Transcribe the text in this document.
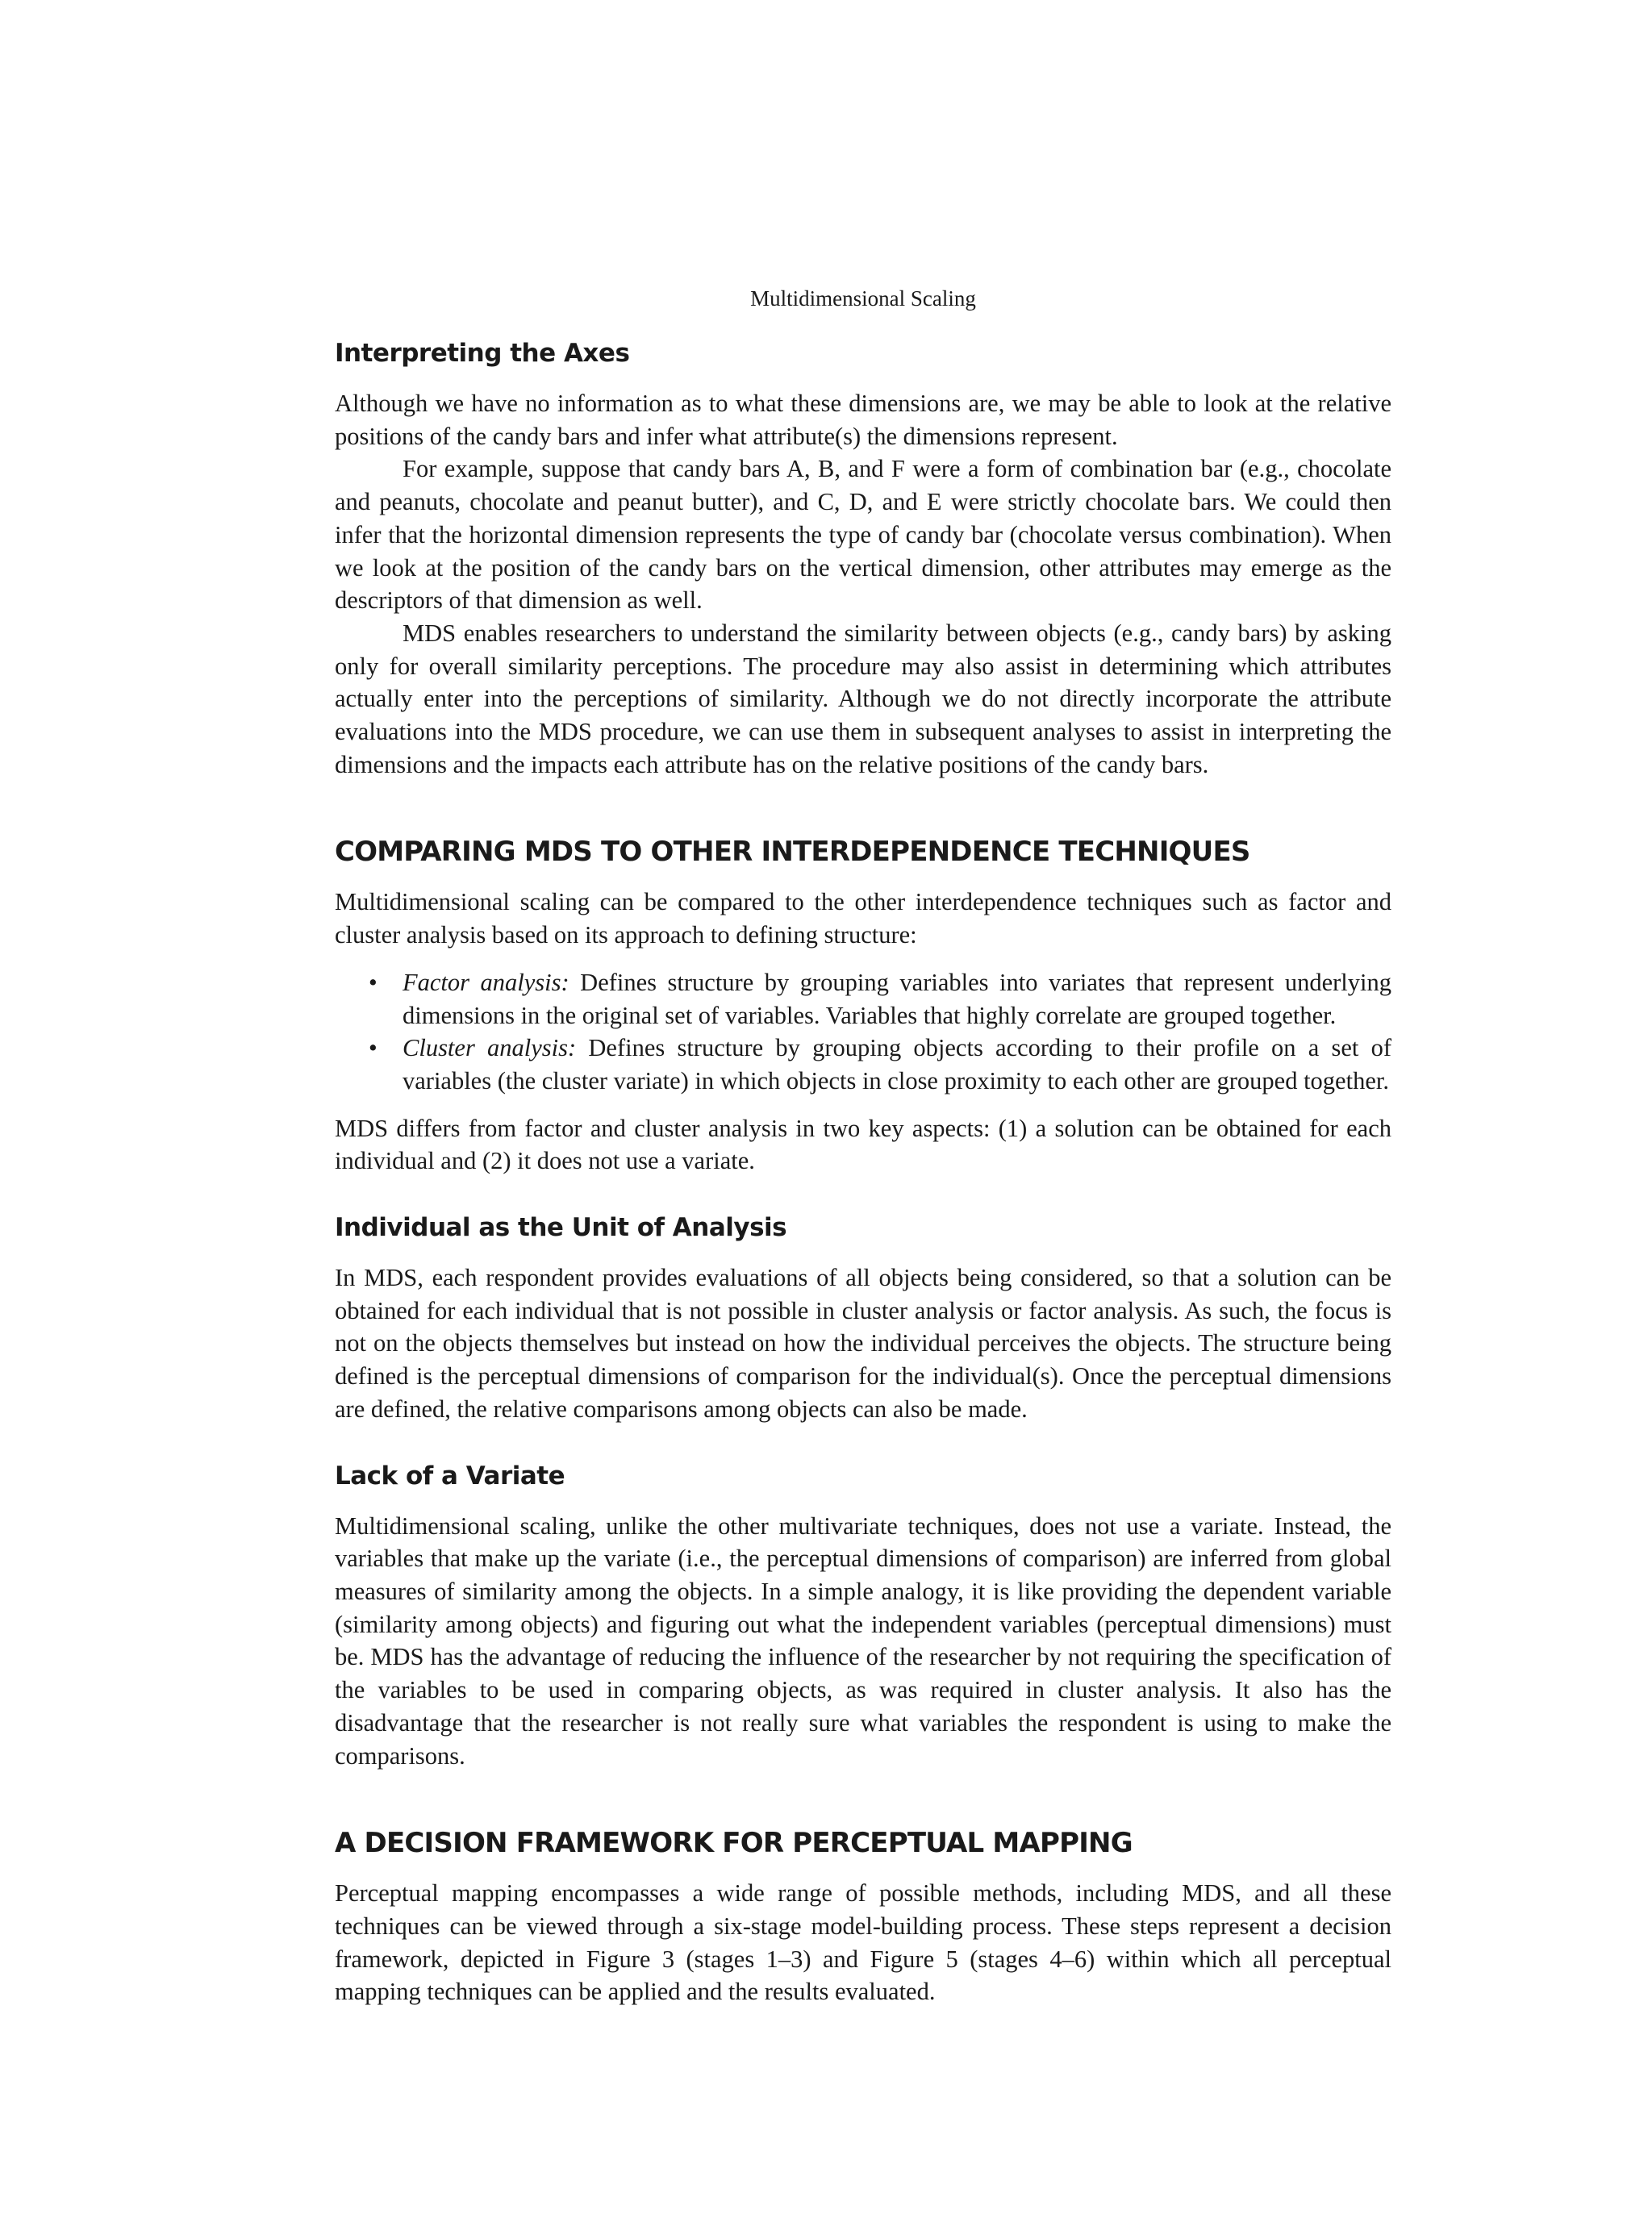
Multidimensional Scaling
Interpreting the Axes

Although we have no information as to what these dimensions are, we may be able to look at the relative positions of the candy bars and infer what attribute(s) the dimensions represent.

For example, suppose that candy bars A, B, and F were a form of combination bar (e.g., chocolate and peanuts, chocolate and peanut butter), and C, D, and E were strictly chocolate bars. We could then infer that the horizontal dimension represents the type of candy bar (chocolate versus combination). When we look at the position of the candy bars on the vertical dimension, other attributes may emerge as the descriptors of that dimension as well.

MDS enables researchers to understand the similarity between objects (e.g., candy bars) by asking only for overall similarity perceptions. The procedure may also assist in determining which attributes actually enter into the perceptions of similarity. Although we do not directly incorporate the attribute evaluations into the MDS procedure, we can use them in subsequent analyses to assist in interpreting the dimensions and the impacts each attribute has on the relative positions of the candy bars.

COMPARING MDS TO OTHER INTERDEPENDENCE TECHNIQUES

Multidimensional scaling can be compared to the other interdependence techniques such as factor and cluster analysis based on its approach to defining structure:

• Factor analysis: Defines structure by grouping variables into variates that represent underlying dimensions in the original set of variables. Variables that highly correlate are grouped together.
• Cluster analysis: Defines structure by grouping objects according to their profile on a set of variables (the cluster variate) in which objects in close proximity to each other are grouped together.

MDS differs from factor and cluster analysis in two key aspects: (1) a solution can be obtained for each individual and (2) it does not use a variate.

Individual as the Unit of Analysis

In MDS, each respondent provides evaluations of all objects being considered, so that a solution can be obtained for each individual that is not possible in cluster analysis or factor analysis. As such, the focus is not on the objects themselves but instead on how the individual perceives the objects. The structure being defined is the perceptual dimensions of comparison for the individual(s). Once the perceptual dimensions are defined, the relative comparisons among objects can also be made.

Lack of a Variate

Multidimensional scaling, unlike the other multivariate techniques, does not use a variate. Instead, the variables that make up the variate (i.e., the perceptual dimensions of comparison) are inferred from global measures of similarity among the objects. In a simple analogy, it is like providing the dependent variable (similarity among objects) and figuring out what the independent variables (perceptual dimensions) must be. MDS has the advantage of reducing the influence of the researcher by not requiring the specification of the variables to be used in comparing objects, as was required in cluster analysis. It also has the disadvantage that the researcher is not really sure what variables the respondent is using to make the comparisons.

A DECISION FRAMEWORK FOR PERCEPTUAL MAPPING

Perceptual mapping encompasses a wide range of possible methods, including MDS, and all these techniques can be viewed through a six-stage model-building process. These steps represent a decision framework, depicted in Figure 3 (stages 1–3) and Figure 5 (stages 4–6) within which all perceptual mapping techniques can be applied and the results evaluated.
